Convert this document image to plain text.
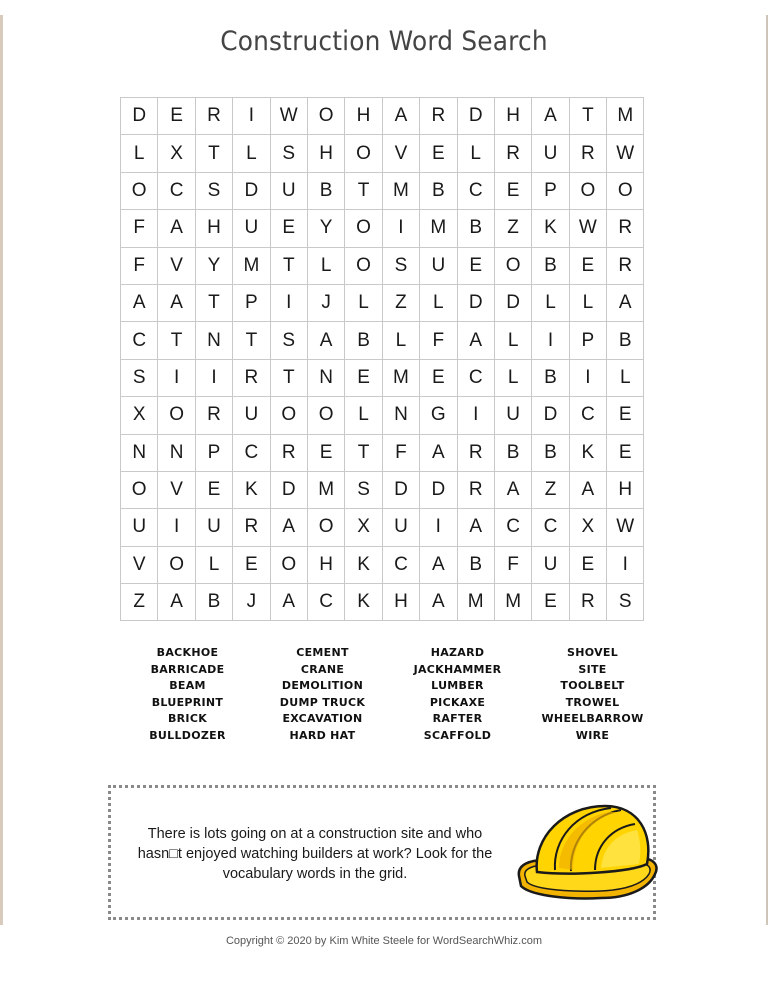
Construction Word Search
D	E	R	I	W	O	H	A	R	D	H	A	T	M
L	X	T	L	S	H	O	V	E	L	R	U	R	W
O	C	S	D	U	B	T	M	B	C	E	P	O	O
F	A	H	U	E	Y	O	I	M	B	Z	K	W	R
F	V	Y	M	T	L	O	S	U	E	O	B	E	R
A	A	T	P	I	J	L	Z	L	D	D	L	L	A
C	T	N	T	S	A	B	L	F	A	L	I	P	B
S	I	I	R	T	N	E	M	E	C	L	B	I	L
X	O	R	U	O	O	L	N	G	I	U	D	C	E
N	N	P	C	R	E	T	F	A	R	B	B	K	E
O	V	E	K	D	M	S	D	D	R	A	Z	A	H
U	I	U	R	A	O	X	U	I	A	C	C	X	W
V	O	L	E	O	H	K	C	A	B	F	U	E	I
Z	A	B	J	A	C	K	H	A	M	M	E	R	S
BACKHOE
BARRICADE
BEAM
BLUEPRINT
BRICK
BULLDOZER
CEMENT
CRANE
DEMOLITION
DUMP TRUCK
EXCAVATION
HARD HAT
HAZARD
JACKHAMMER
LUMBER
PICKAXE
RAFTER
SCAFFOLD
SHOVEL
SITE
TOOLBELT
TROWEL
WHEELBARROW
WIRE
There is lots going on at a construction site and who hasn□t enjoyed watching builders at work? Look for the vocabulary words in the grid.
Copyright © 2020 by Kim White Steele for WordSearchWhiz.com
